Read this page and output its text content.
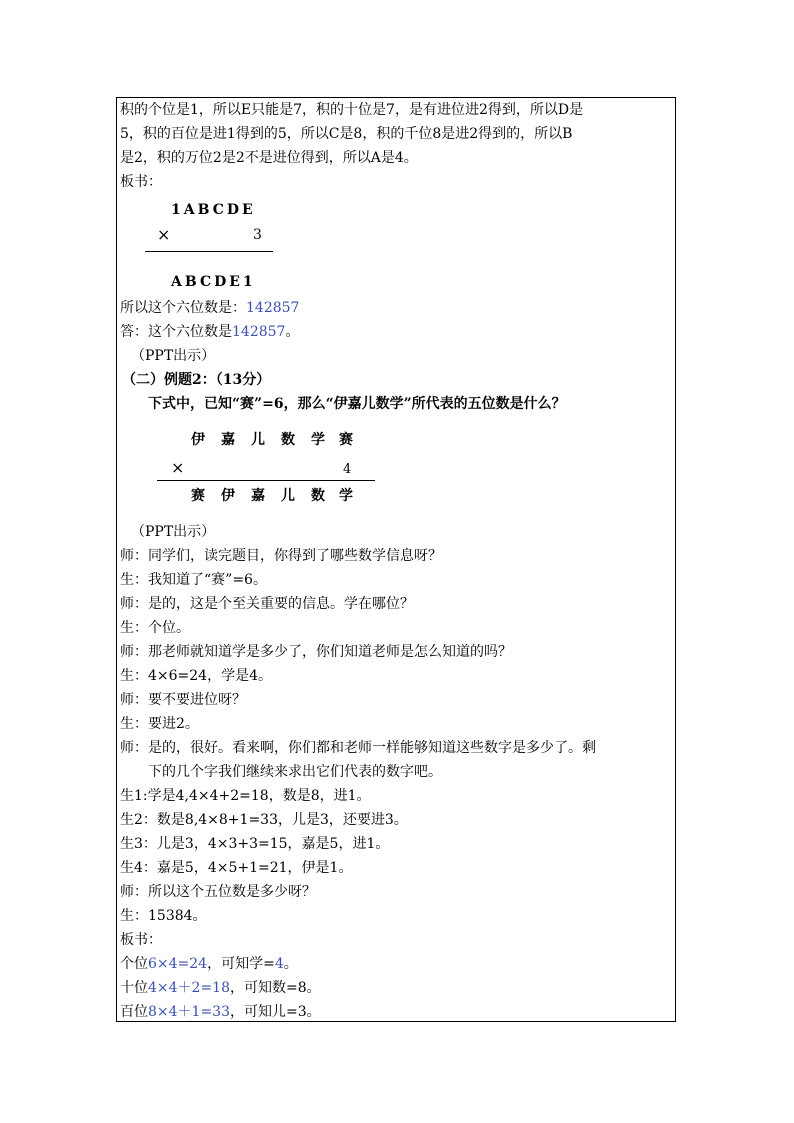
积的个位是1，所以E只能是7，积的十位是7，是有进位进2得到，所以D是
5，积的百位是进1得到的5，所以C是8，积的千位8是进2得到的，所以B
是2，积的万位2是2不是进位得到，所以A是4。
板书：
1ABCDE
×	3
ABCDE1
所以这个六位数是：142857
答：这个六位数是142857。
（PPT出示）
（二）例题2：（13分）
下式中，已知“赛”=6，那么“伊嘉儿数学”所代表的五位数是什么？
伊 嘉 儿 数 学 赛
×	4
赛 伊 嘉 儿 数 学
（PPT出示）
师：同学们，读完题目，你得到了哪些数学信息呀？
生：我知道了“赛”=6。
师：是的，这是个至关重要的信息。学在哪位？
生：个位。
师：那老师就知道学是多少了，你们知道老师是怎么知道的吗？
生：4×6=24，学是4。
师：要不要进位呀？
生：要进2。
师：是的，很好。看来啊，你们都和老师一样能够知道这些数字是多少了。剩
下的几个字我们继续来求出它们代表的数字吧。
生1:学是4,4×4+2=18，数是8，进1。
生2：数是8,4×8+1=33，儿是3，还要进3。
生3：儿是3，4×3+3=15，嘉是5，进1。
生4：嘉是5，4×5+1=21，伊是1。
师：所以这个五位数是多少呀？
生：15384。
板书：
个位6×4=24，可知学=4。
十位4×4＋2=18，可知数=8。
百位8×4＋1=33，可知儿=3。
